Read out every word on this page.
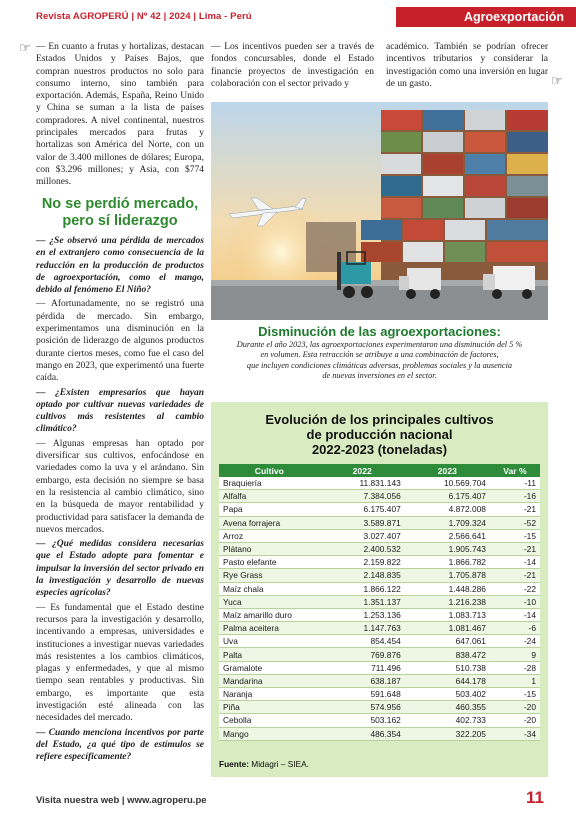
Revista AGROPERÚ | Nº 42 | 2024 | Lima - Perú	Agroexportación
☞
☞

— En cuanto a frutas y hortalizas, destacan Estados Unidos y Países Bajos, que compran nuestros productos no solo para consumo interno, sino también para exportación. Además, España, Reino Unido y China se suman a la lista de países compradores. A nivel continental, nuestros principales mercados para frutas y hortalizas son América del Norte, con un valor de 3.400 millones de dólares; Europa, con $3.296 millones; y Asia, con $774 millones.

No se perdió mercado,
pero sí liderazgo

— ¿Se observó una pérdida de mercados en el extranjero como consecuencia de la reducción en la producción de productos de agroexportación, como el mango, debido al fenómeno El Niño?

— Afortunadamente, no se registró una pérdida de mercado. Sin embargo, experimentamos una disminución en la posición de liderazgo de algunos productos durante ciertos meses, como fue el caso del mango en 2023, que experimentó una fuerte caída.

— ¿Existen empresarios que hayan optado por cultivar nuevas variedades de cultivos más resistentes al cambio climático?

— Algunas empresas han optado por diversificar sus cultivos, enfocándose en variedades como la uva y el arándano. Sin embargo, esta decisión no siempre se basa en la resistencia al cambio climático, sino en la búsqueda de mayor rentabilidad y productividad para satisfacer la demanda de nuevos mercados.

— ¿Qué medidas considera necesarias que el Estado adopte para fomentar e impulsar la inversión del sector privado en la investigación y desarrollo de nuevas especies agrícolas?

— Es fundamental que el Estado destine recursos para la investigación y desarrollo, incentivando a empresas, universidades e instituciones a investigar nuevas variedades más resistentes a los cambios climáticos, plagas y enfermedades, y que al mismo tiempo sean rentables y productivas. Sin embargo, es importante que esta investigación esté alineada con las necesidades del mercado.

— Cuando menciona incentivos por parte del Estado, ¿a qué tipo de estímulos se refiere específicamente?

— Los incentivos pueden ser a través de fondos concursables, donde el Estado financie proyectos de investigación en colaboración con el sector privado y

académico. También se podrían ofrecer incentivos tributarios y considerar la investigación como una inversión en lugar de un gasto.

Disminución de las agroexportaciones:
Durante el año 2023, las agroexportaciones experimentaron una disminución del 5 %
en volumen. Esta retracción se atribuye a una combinación de factores,
que incluyen condiciones climáticas adversas, problemas sociales y la ausencia
de nuevas inversiones en el sector.
Evolución de los principales cultivos
de producción nacional
2022-2023 (toneladas)
Cultivo	2022	2023	Var %
Braquiería	11.831.143	10.569.704	-11
Alfalfa	7.384.056	6.175.407	-16
Papa	6.175.407	4.872.008	-21
Avena forrajera	3.589.871	1.709.324	-52
Arroz	3.027.407	2.566.641	-15
Plátano	2.400.532	1.905.743	-21
Pasto elefante	2.159.822	1.866.782	-14
Rye Grass	2.148.835	1.705.878	-21
Maíz chala	1.866.122	1.448.286	-22
Yuca	1.351.137	1.216.238	-10
Maíz amarillo duro	1.253.136	1.083.713	-14
Palma aceitera	1.147.763	1.081.467	-6
Uva	854.454	647.061	-24
Palta	769.876	838.472	9
Gramalote	711.496	510.738	-28
Mandarina	638.187	644.178	1
Naranja	591.648	503.402	-15
Piña	574.956	460.355	-20
Cebolla	503.162	402.733	-20
Mango	486.354	322.205	-34
Fuente: Midagri – SIEA.
Visita nuestra web | www.agroperu.pe	11
